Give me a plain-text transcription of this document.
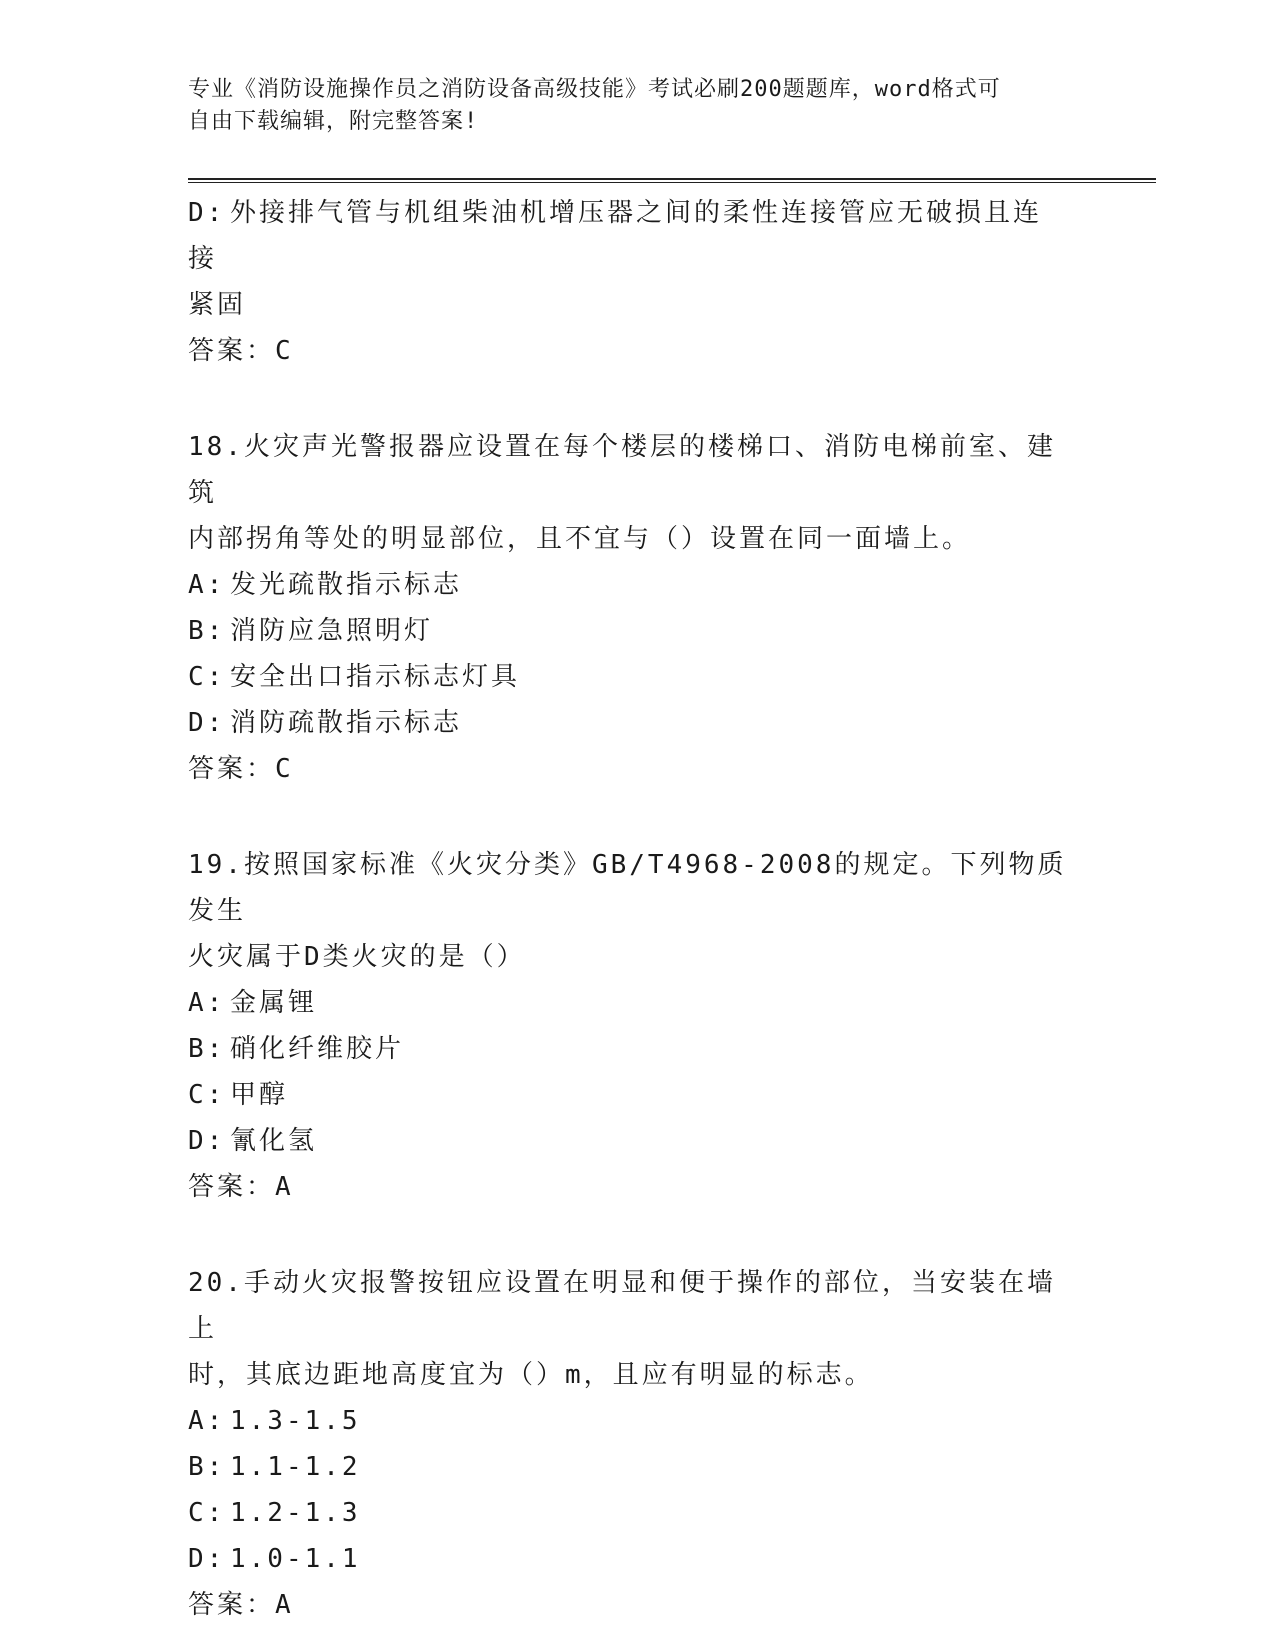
专业《消防设施操作员之消防设备高级技能》考试必刷200题题库，word格式可
自由下载编辑，附完整答案!
D: 外接排气管与机组柴油机增压器之间的柔性连接管应无破损且连接
紧固
答案：C
18.火灾声光警报器应设置在每个楼层的楼梯口、消防电梯前室、建筑
内部拐角等处的明显部位，且不宜与（）设置在同一面墙上。
A: 发光疏散指示标志
B: 消防应急照明灯
C: 安全出口指示标志灯具
D: 消防疏散指示标志
答案：C
19.按照国家标准《火灾分类》GB/T4968-2008的规定。下列物质发生
火灾属于D类火灾的是（）
A: 金属锂
B: 硝化纤维胶片
C: 甲醇
D: 氰化氢
答案：A
20.手动火灾报警按钮应设置在明显和便于操作的部位，当安装在墙上
时，其底边距地高度宜为（）m，且应有明显的标志。
A: 1.3-1.5
B: 1.1-1.2
C: 1.2-1.3
D: 1.0-1.1
答案：A
